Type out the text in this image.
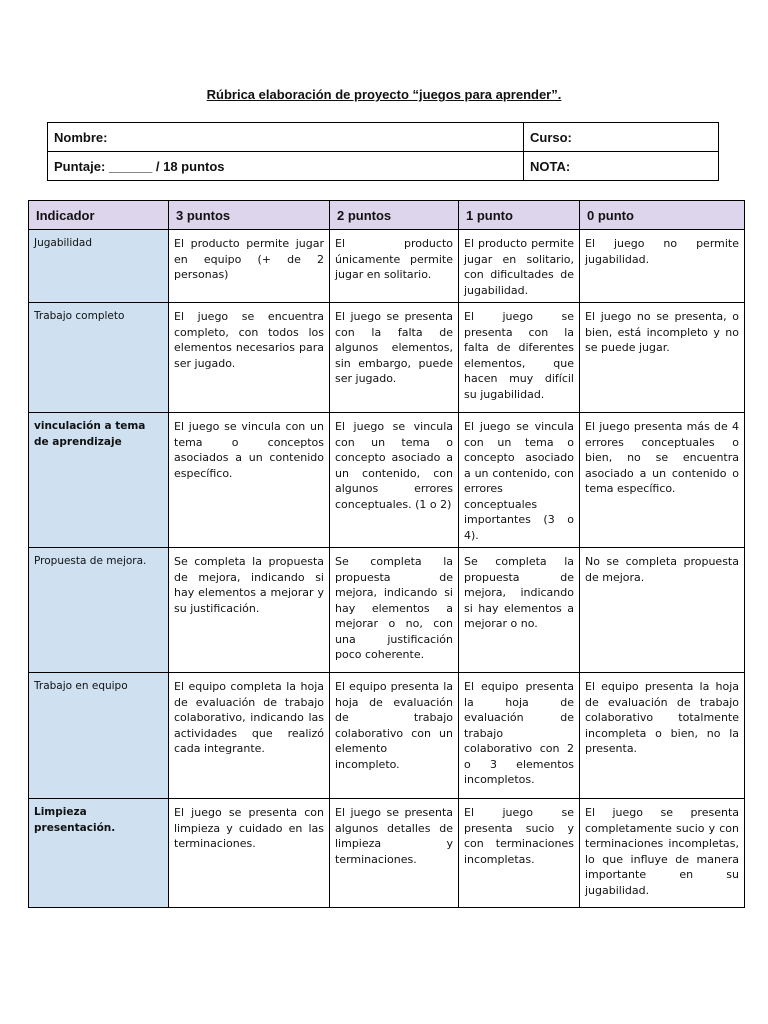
Rúbrica elaboración de proyecto “juegos para aprender”.
Nombre:	Curso:
Puntaje: ______ / 18 puntos	NOTA:
Indicador	3 puntos	2 puntos	1 punto	0 punto
Jugabilidad	El producto permite jugar en equipo (+ de 2 personas)	El producto únicamente permite jugar en solitario.	El producto permite jugar en solitario, con dificultades de jugabilidad.	El juego no permite jugabilidad.
Trabajo completo	El juego se encuentra completo, con todos los elementos necesarios para ser jugado.	El juego se presenta con la falta de algunos elementos, sin embargo, puede ser jugado.	El juego se presenta con la falta de diferentes elementos, que hacen muy difícil su jugabilidad.	El juego no se presenta, o bien, está incompleto y no se puede jugar.
vinculación a tema de aprendizaje	El juego se vincula con un tema o conceptos asociados a un contenido específico.	El juego se vincula con un tema o concepto asociado a un contenido, con algunos errores conceptuales. (1 o 2)	El juego se vincula con un tema o concepto asociado a un contenido, con errores conceptuales importantes (3 o 4).	El juego presenta más de 4 errores conceptuales o bien, no se encuentra asociado a un contenido o tema específico.
Propuesta de mejora.	Se completa la propuesta de mejora, indicando si hay elementos a mejorar y su justificación.	Se completa la propuesta de mejora, indicando si hay elementos a mejorar o no, con una justificación poco coherente.	Se completa la propuesta de mejora, indicando si hay elementos a mejorar o no.	No se completa propuesta de mejora.
Trabajo en equipo	El equipo completa la hoja de evaluación de trabajo colaborativo, indicando las actividades que realizó cada integrante.	El equipo presenta la hoja de evaluación de trabajo colaborativo con un elemento incompleto.	El equipo presenta la hoja de evaluación de trabajo colaborativo con 2 o 3 elementos incompletos.	El equipo presenta la hoja de evaluación de trabajo colaborativo totalmente incompleta o bien, no la presenta.
Limpieza presentación.	El juego se presenta con limpieza y cuidado en las terminaciones.	El juego se presenta algunos detalles de limpieza y terminaciones.	El juego se presenta sucio y con terminaciones incompletas.	El juego se presenta completamente sucio y con terminaciones incompletas, lo que influye de manera importante en su jugabilidad.
